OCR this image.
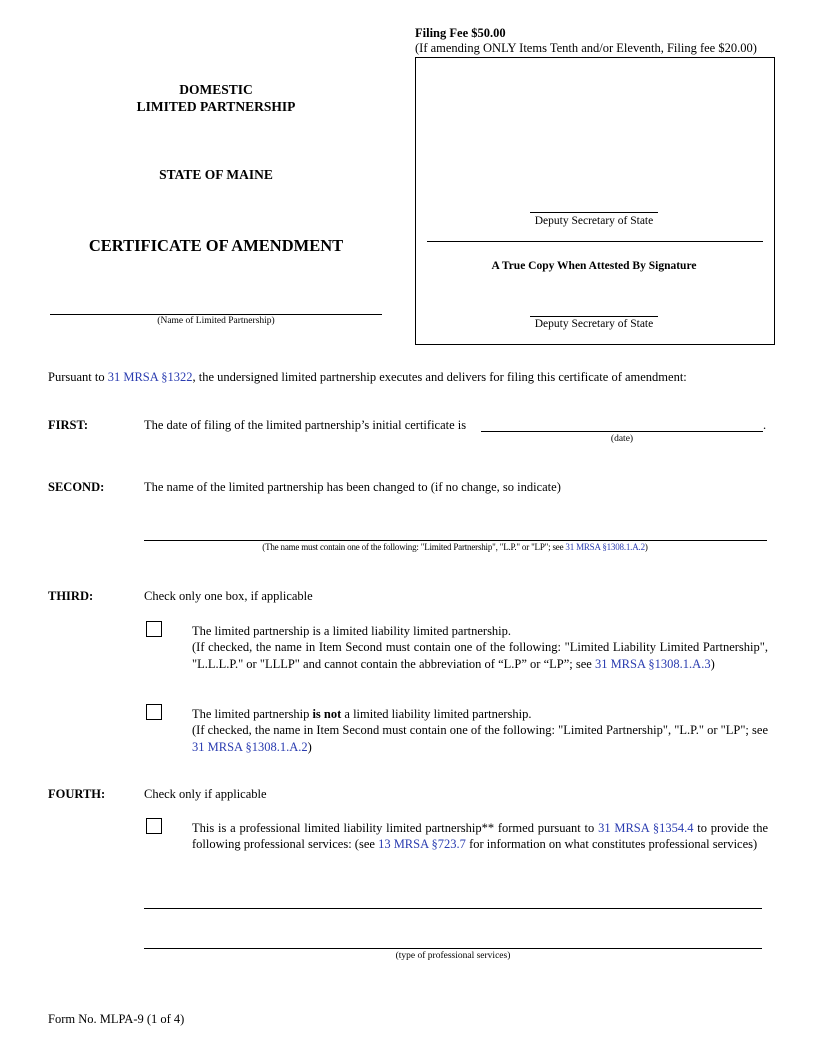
Filing Fee $50.00
(If amending ONLY Items Tenth and/or Eleventh, Filing fee $20.00)
DOMESTIC
LIMITED PARTNERSHIP
STATE OF MAINE
CERTIFICATE OF AMENDMENT
(Name of Limited Partnership)
Deputy Secretary of State
A True Copy When Attested By Signature
Deputy Secretary of State
Pursuant to 31 MRSA §1322, the undersigned limited partnership executes and delivers for filing this certificate of amendment:
FIRST:	The date of filing of the limited partnership’s initial certificate is	.
(date)
SECOND:	The name of the limited partnership has been changed to (if no change, so indicate)
(The name must contain one of the following: "Limited Partnership", "L.P." or "LP"; see 31 MRSA §1308.1.A.2)
THIRD:	Check only one box, if applicable
The limited partnership is a limited liability limited partnership.
(If checked, the name in Item Second must contain one of the following: "Limited Liability Limited Partnership", "L.L.L.P." or "LLLP" and cannot contain the abbreviation of “L.P” or “LP”; see 31 MRSA §1308.1.A.3)
The limited partnership is not a limited liability limited partnership.
(If checked, the name in Item Second must contain one of the following: "Limited Partnership", "L.P." or "LP"; see 31 MRSA §1308.1.A.2)
FOURTH:	Check only if applicable
This is a professional limited liability limited partnership** formed pursuant to 31 MRSA §1354.4 to provide the following professional services: (see 13 MRSA §723.7 for information on what constitutes professional services)
(type of professional services)
Form No. MLPA-9 (1 of 4)
